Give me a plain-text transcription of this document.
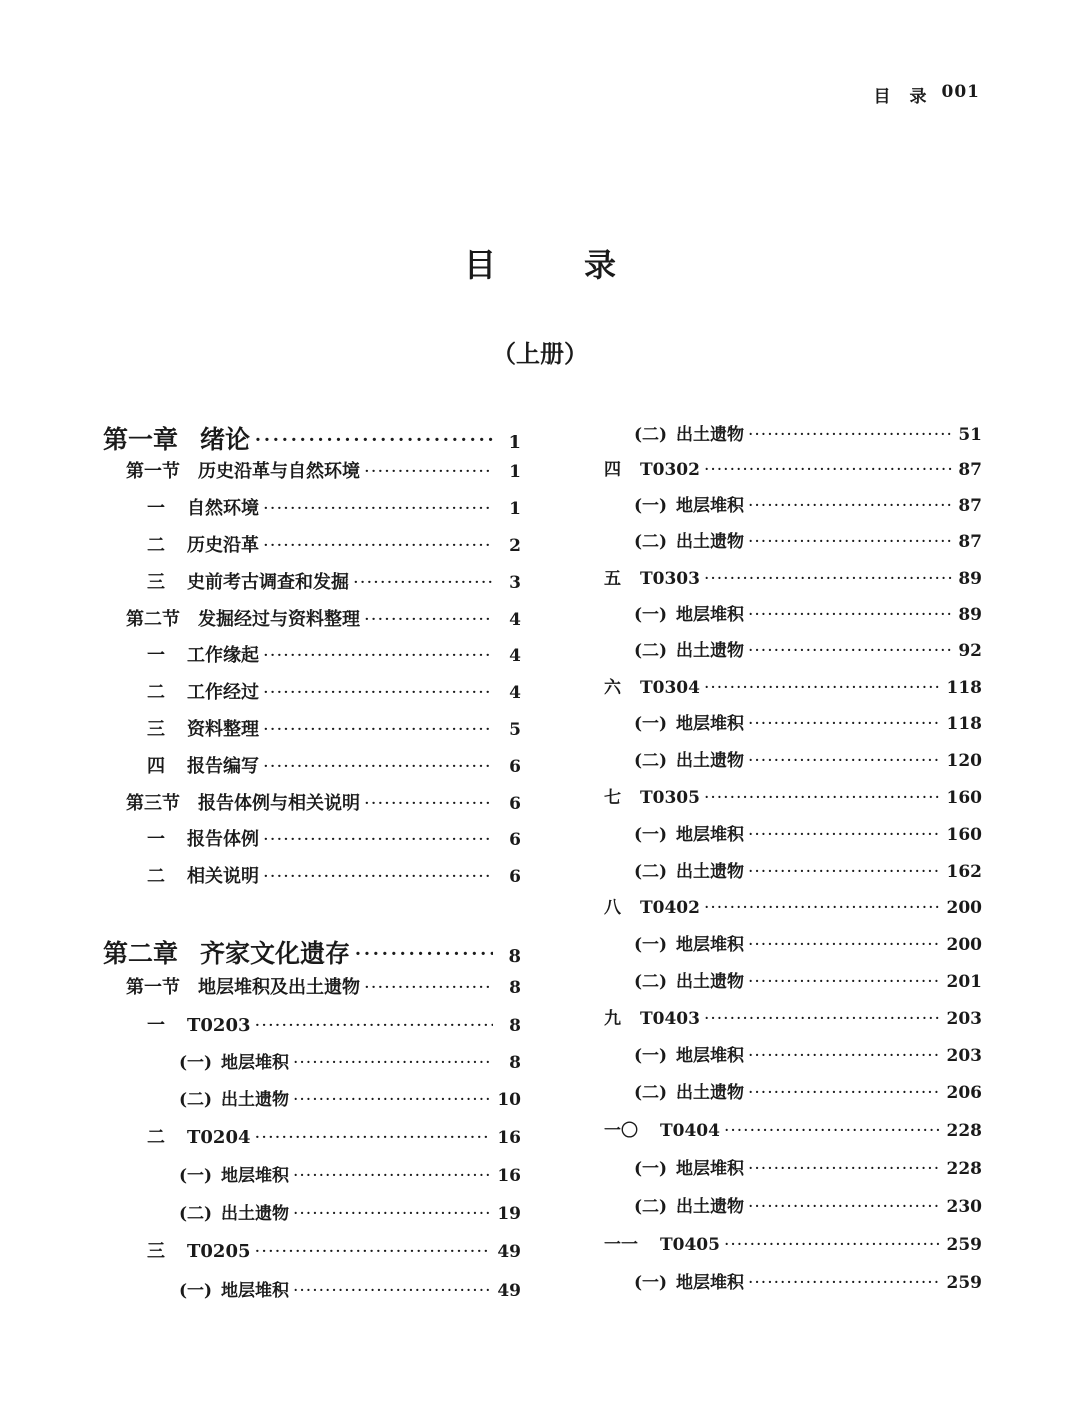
目　录 001
目　录
（上册）
第一章 绪论 ·····	1
第一节 历史沿革与自然环境 ·····	1
一	自然环境 ·····	1
二	历史沿革 ·····	2
三	史前考古调查和发掘 ·····	3
第二节 发掘经过与资料整理 ·····	4
一	工作缘起 ·····	4
二	工作经过 ·····	4
三	资料整理 ·····	5
四	报告编写 ·····	6
第三节 报告体例与相关说明 ·····	6
一	报告体例 ·····	6
二	相关说明 ·····	6
第二章 齐家文化遗存 ·····	8
第一节 地层堆积及出土遗物 ·····	8
一	T0203 ·····	8
(一) 地层堆积 ·····	8
(二) 出土遗物 ·····	10
二	T0204 ·····	16
(一) 地层堆积 ·····	16
(二) 出土遗物 ·····	19
三	T0205 ·····	49
(一) 地层堆积 ·····	49
(二) 出土遗物 ·····	51
四	T0302 ·····	87
(一) 地层堆积 ·····	87
(二) 出土遗物 ·····	87
五	T0303 ·····	89
(一) 地层堆积 ·····	89
(二) 出土遗物 ·····	92
六	T0304 ·····	118
(一) 地层堆积 ·····	118
(二) 出土遗物 ·····	120
七	T0305 ·····	160
(一) 地层堆积 ·····	160
(二) 出土遗物 ·····	162
八	T0402 ·····	200
(一) 地层堆积 ·····	200
(二) 出土遗物 ·····	201
九	T0403 ·····	203
(一) 地层堆积 ·····	203
(二) 出土遗物 ·····	206
一〇	T0404 ·····	228
(一) 地层堆积 ·····	228
(二) 出土遗物 ·····	230
一一	T0405 ·····	259
(一) 地层堆积 ·····	259
